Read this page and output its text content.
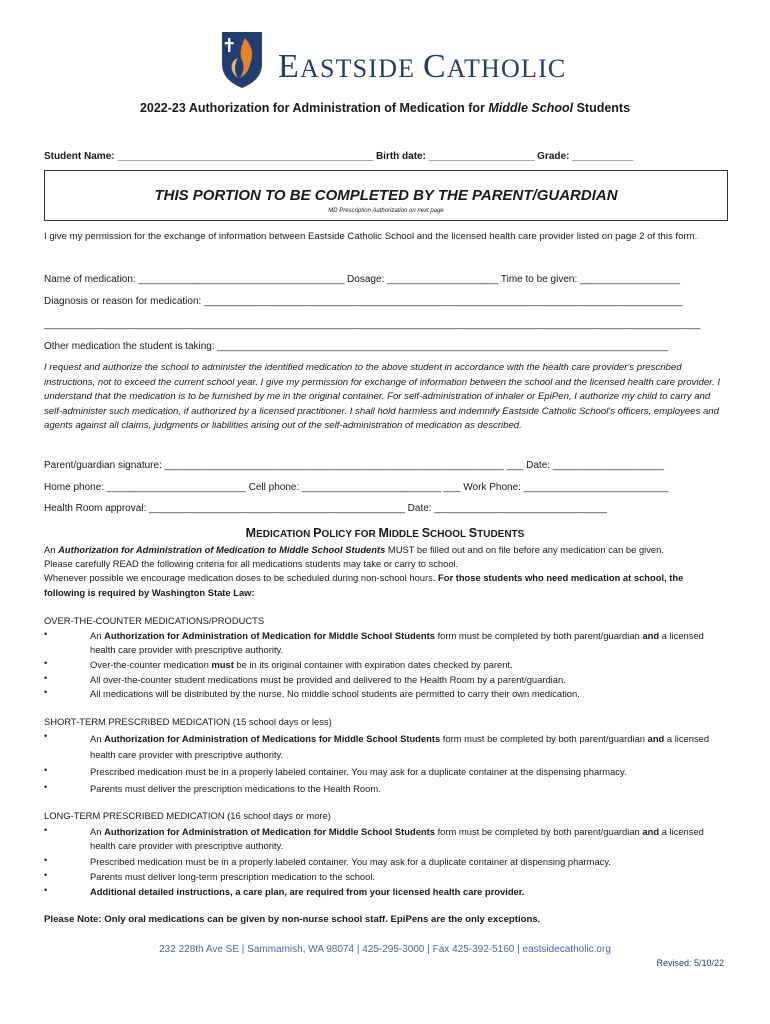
EASTSIDE CATHOLIC
2022-23 Authorization for Administration of Medication for Middle School Students
Student Name: ______________________________________________ Birth date: ___________________ Grade: ___________
THIS PORTION TO BE COMPLETED BY THE PARENT/GUARDIAN
MD Prescription Authorization on next page
I give my permission for the exchange of information between Eastside Catholic School and the licensed health care provider listed on page 2 of this form.
Name of medication: _____________________________________ Dosage: ____________________ Time to be given: __________________
Diagnosis or reason for medication: ______________________________________________________________________________________
______________________________________________________________________________________________________________________
Other medication the student is taking: _________________________________________________________________________________
I request and authorize the school to administer the identified medication to the above student in accordance with the health care provider's prescribed instructions, not to exceed the current school year. I give my permission for exchange of information between the school and the licensed health care provider. I understand that the medication is to be furnished by me in the original container. For self-administration of inhaler or EpiPen, I authorize my child to carry and self-administer such medication, if authorized by a licensed practitioner. I shall hold harmless and indemnify Eastside Catholic School's officers, employees and agents against all claims, judgments or liabilities arising out of the self-administration of medication as described.
Parent/guardian signature: _____________________________________________________________ ___ Date: ____________________
Home phone: _________________________ Cell phone: _________________________ ___ Work Phone: __________________________
Health Room approval: ______________________________________________ Date: _______________________________
MEDICATION POLICY FOR MIDDLE SCHOOL STUDENTS
An Authorization for Administration of Medication to Middle School Students MUST be filled out and on file before any medication can be given.
Please carefully READ the following criteria for all medications students may take or carry to school.
Whenever possible we encourage medication doses to be scheduled during non-school hours. For those students who need medication at school, the following is required by Washington State Law:
OVER-THE-COUNTER MEDICATIONS/PRODUCTS
•	An Authorization for Administration of Medication for Middle School Students form must be completed by both parent/guardian and a licensed health care provider with prescriptive authority.
•	Over-the-counter medication must be in its original container with expiration dates checked by parent.
•	All over-the-counter student medications must be provided and delivered to the Health Room by a parent/guardian.
•	All medications will be distributed by the nurse. No middle school students are permitted to carry their own medication.
SHORT-TERM PRESCRIBED MEDICATION (15 school days or less)
•	An Authorization for Administration of Medications for Middle School Students form must be completed by both parent/guardian and a licensed health care provider with prescriptive authority.
•	Prescribed medication must be in a properly labeled container. You may ask for a duplicate container at the dispensing pharmacy.
•	Parents must deliver the prescription medications to the Health Room.
LONG-TERM PRESCRIBED MEDICATION (16 school days or more)
•	An Authorization for Administration of Medication for Middle School Students form must be completed by both parent/guardian and a licensed health care provider with prescriptive authority.
•	Prescribed medication must be in a properly labeled container. You may ask for a duplicate container at dispensing pharmacy.
•	Parents must deliver long-term prescription medication to the school.
•	Additional detailed instructions, a care plan, are required from your licensed health care provider.
Please Note: Only oral medications can be given by non-nurse school staff. EpiPens are the only exceptions.
232 228th Ave SE | Sammamish, WA 98074 | 425-295-3000 | Fax 425-392-5160 | eastsidecatholic.org
Revised: 5/10/22
